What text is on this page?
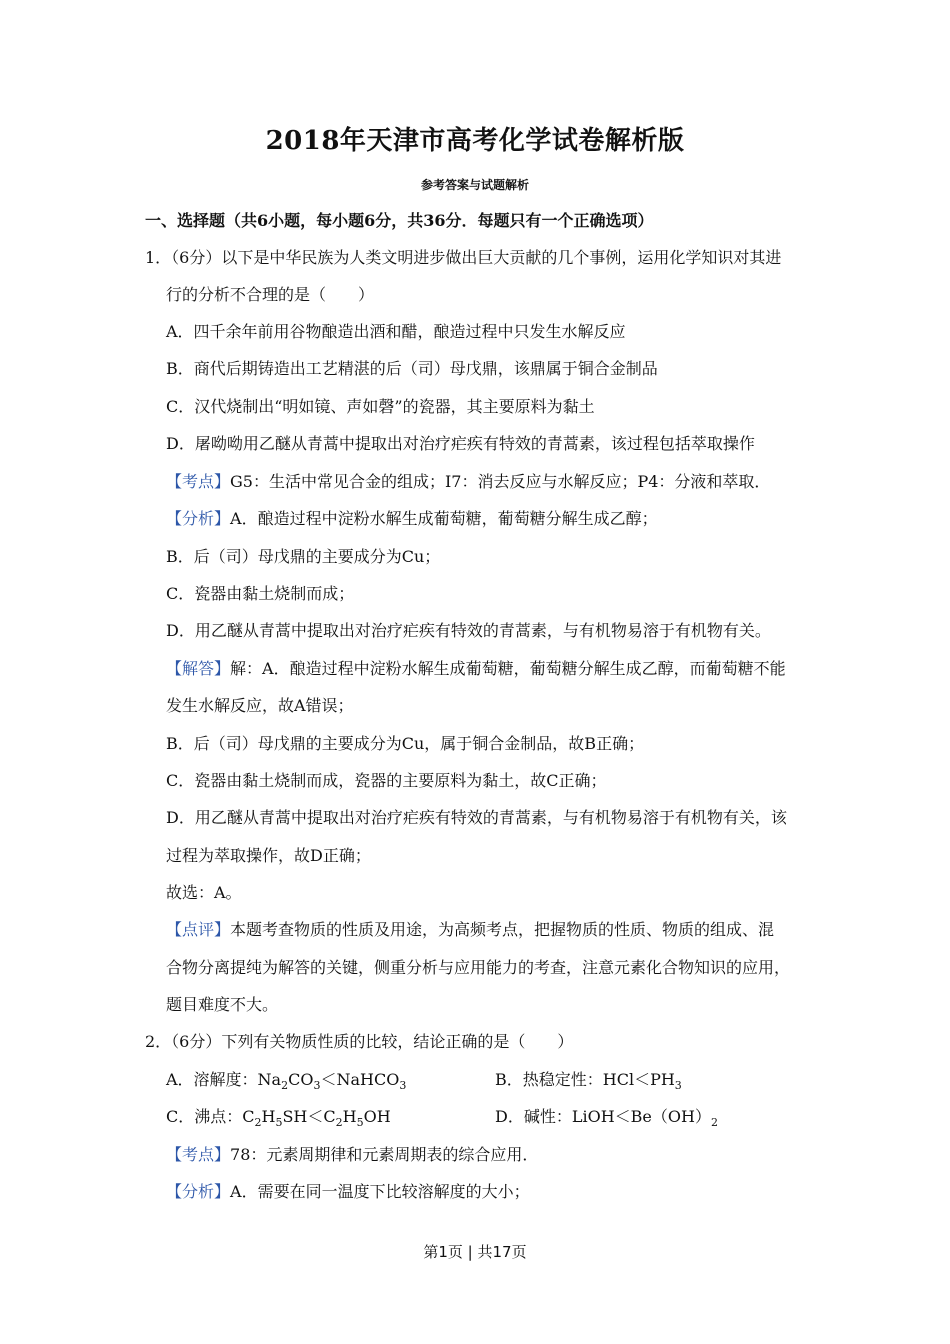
2018年天津市高考化学试卷解析版
参考答案与试题解析
一、选择题（共6小题，每小题6分，共36分．每题只有一个正确选项）
1．（6分）以下是中华民族为人类文明进步做出巨大贡献的几个事例，运用化学知识对其进
行的分析不合理的是（　　）
A．四千余年前用谷物酿造出酒和醋，酿造过程中只发生水解反应
B．商代后期铸造出工艺精湛的后（司）母戊鼎，该鼎属于铜合金制品
C．汉代烧制出“明如镜、声如磬”的瓷器，其主要原料为黏土
D．屠呦呦用乙醚从青蒿中提取出对治疗疟疾有特效的青蒿素，该过程包括萃取操作
【考点】G5：生活中常见合金的组成；I7：消去反应与水解反应；P4：分液和萃取．
【分析】A．酿造过程中淀粉水解生成葡萄糖，葡萄糖分解生成乙醇；
B．后（司）母戊鼎的主要成分为Cu；
C．瓷器由黏土烧制而成；
D．用乙醚从青蒿中提取出对治疗疟疾有特效的青蒿素，与有机物易溶于有机物有关。
【解答】解：A．酿造过程中淀粉水解生成葡萄糖，葡萄糖分解生成乙醇，而葡萄糖不能
发生水解反应，故A错误；
B．后（司）母戊鼎的主要成分为Cu，属于铜合金制品，故B正确；
C．瓷器由黏土烧制而成，瓷器的主要原料为黏土，故C正确；
D．用乙醚从青蒿中提取出对治疗疟疾有特效的青蒿素，与有机物易溶于有机物有关，该
过程为萃取操作，故D正确；
故选：A。
【点评】本题考查物质的性质及用途，为高频考点，把握物质的性质、物质的组成、混
合物分离提纯为解答的关键，侧重分析与应用能力的考查，注意元素化合物知识的应用，
题目难度不大。
2．（6分）下列有关物质性质的比较，结论正确的是（　　）
A．溶解度：$Na_2CO_3<NaHCO_3$	B．热稳定性：$HCl<PH_3$
C．沸点：$C_2H_5SH<C_2H_5OH$	D．碱性：$LiOH<Be(OH)_2$
【考点】78：元素周期律和元素周期表的综合应用．
【分析】A．需要在同一温度下比较溶解度的大小；
第1页 | 共17页
